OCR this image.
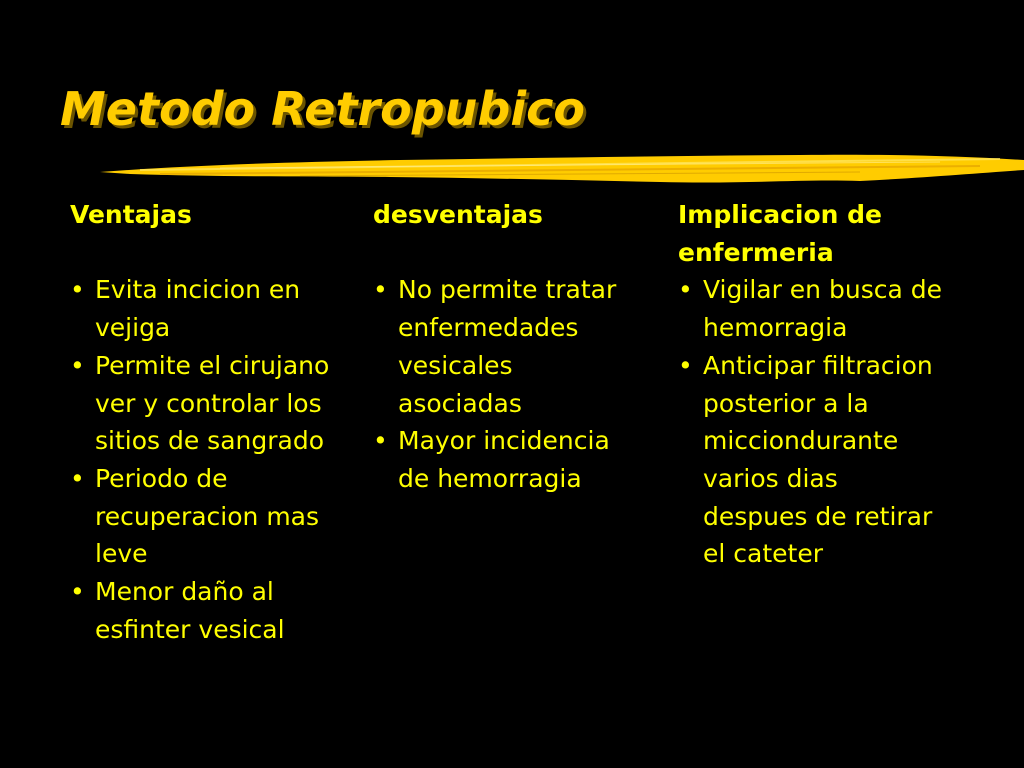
Metodo Retropubico
Ventajas
• Evita incicion en
vejiga
• Permite el cirujano
ver y controlar los
sitios de sangrado
• Periodo de
recuperacion mas
leve
• Menor daño al
esfinter vesical
desventajas
• No permite tratar
enfermedades
vesicales
asociadas
• Mayor incidencia
de hemorragia
Implicacion de
enfermeria
• Vigilar en busca de
hemorragia
• Anticipar filtracion
posterior a la
micciondurante
varios dias
despues de retirar
el cateter
